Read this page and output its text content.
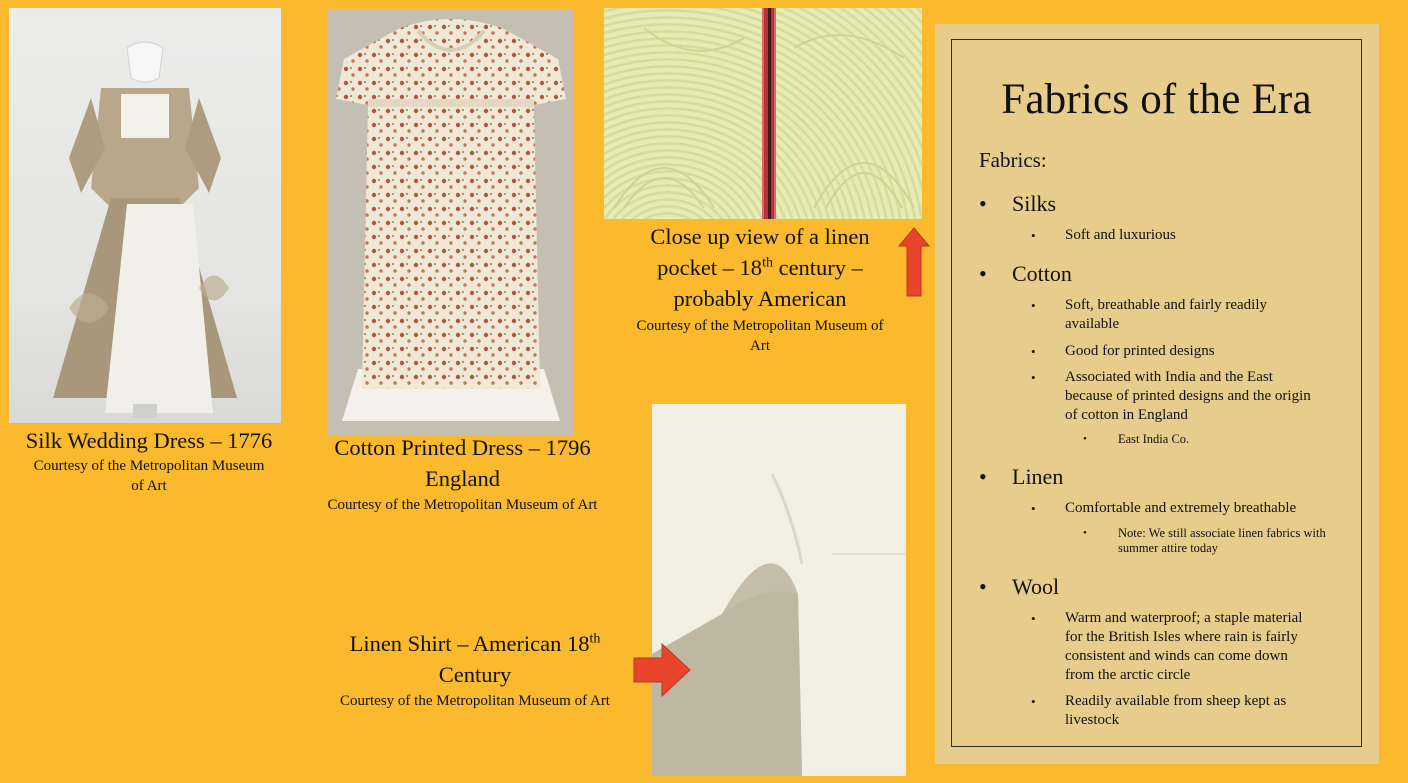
Silk Wedding Dress – 1776
Courtesy of the Metropolitan Museum
of Art
Cotton Printed Dress – 1796
England
Courtesy of the Metropolitan Museum of Art
Close up view of a linen
pocket – 18th century –
probably American
Courtesy of the Metropolitan Museum of
Art
Linen Shirt – American 18th
Century
Courtesy of the Metropolitan Museum of Art
Fabrics of the Era
Fabrics:
• Silks
• Soft and luxurious
• Cotton
• Soft, breathable and fairly readily available
• Good for printed designs
• Associated with India and the East because of printed designs and the origin of cotton in England
• East India Co.
• Linen
• Comfortable and extremely breathable
• Note: We still associate linen fabrics with summer attire today
• Wool
• Warm and waterproof; a staple material for the British Isles where rain is fairly consistent and winds can come down from the arctic circle
• Readily available from sheep kept as livestock
